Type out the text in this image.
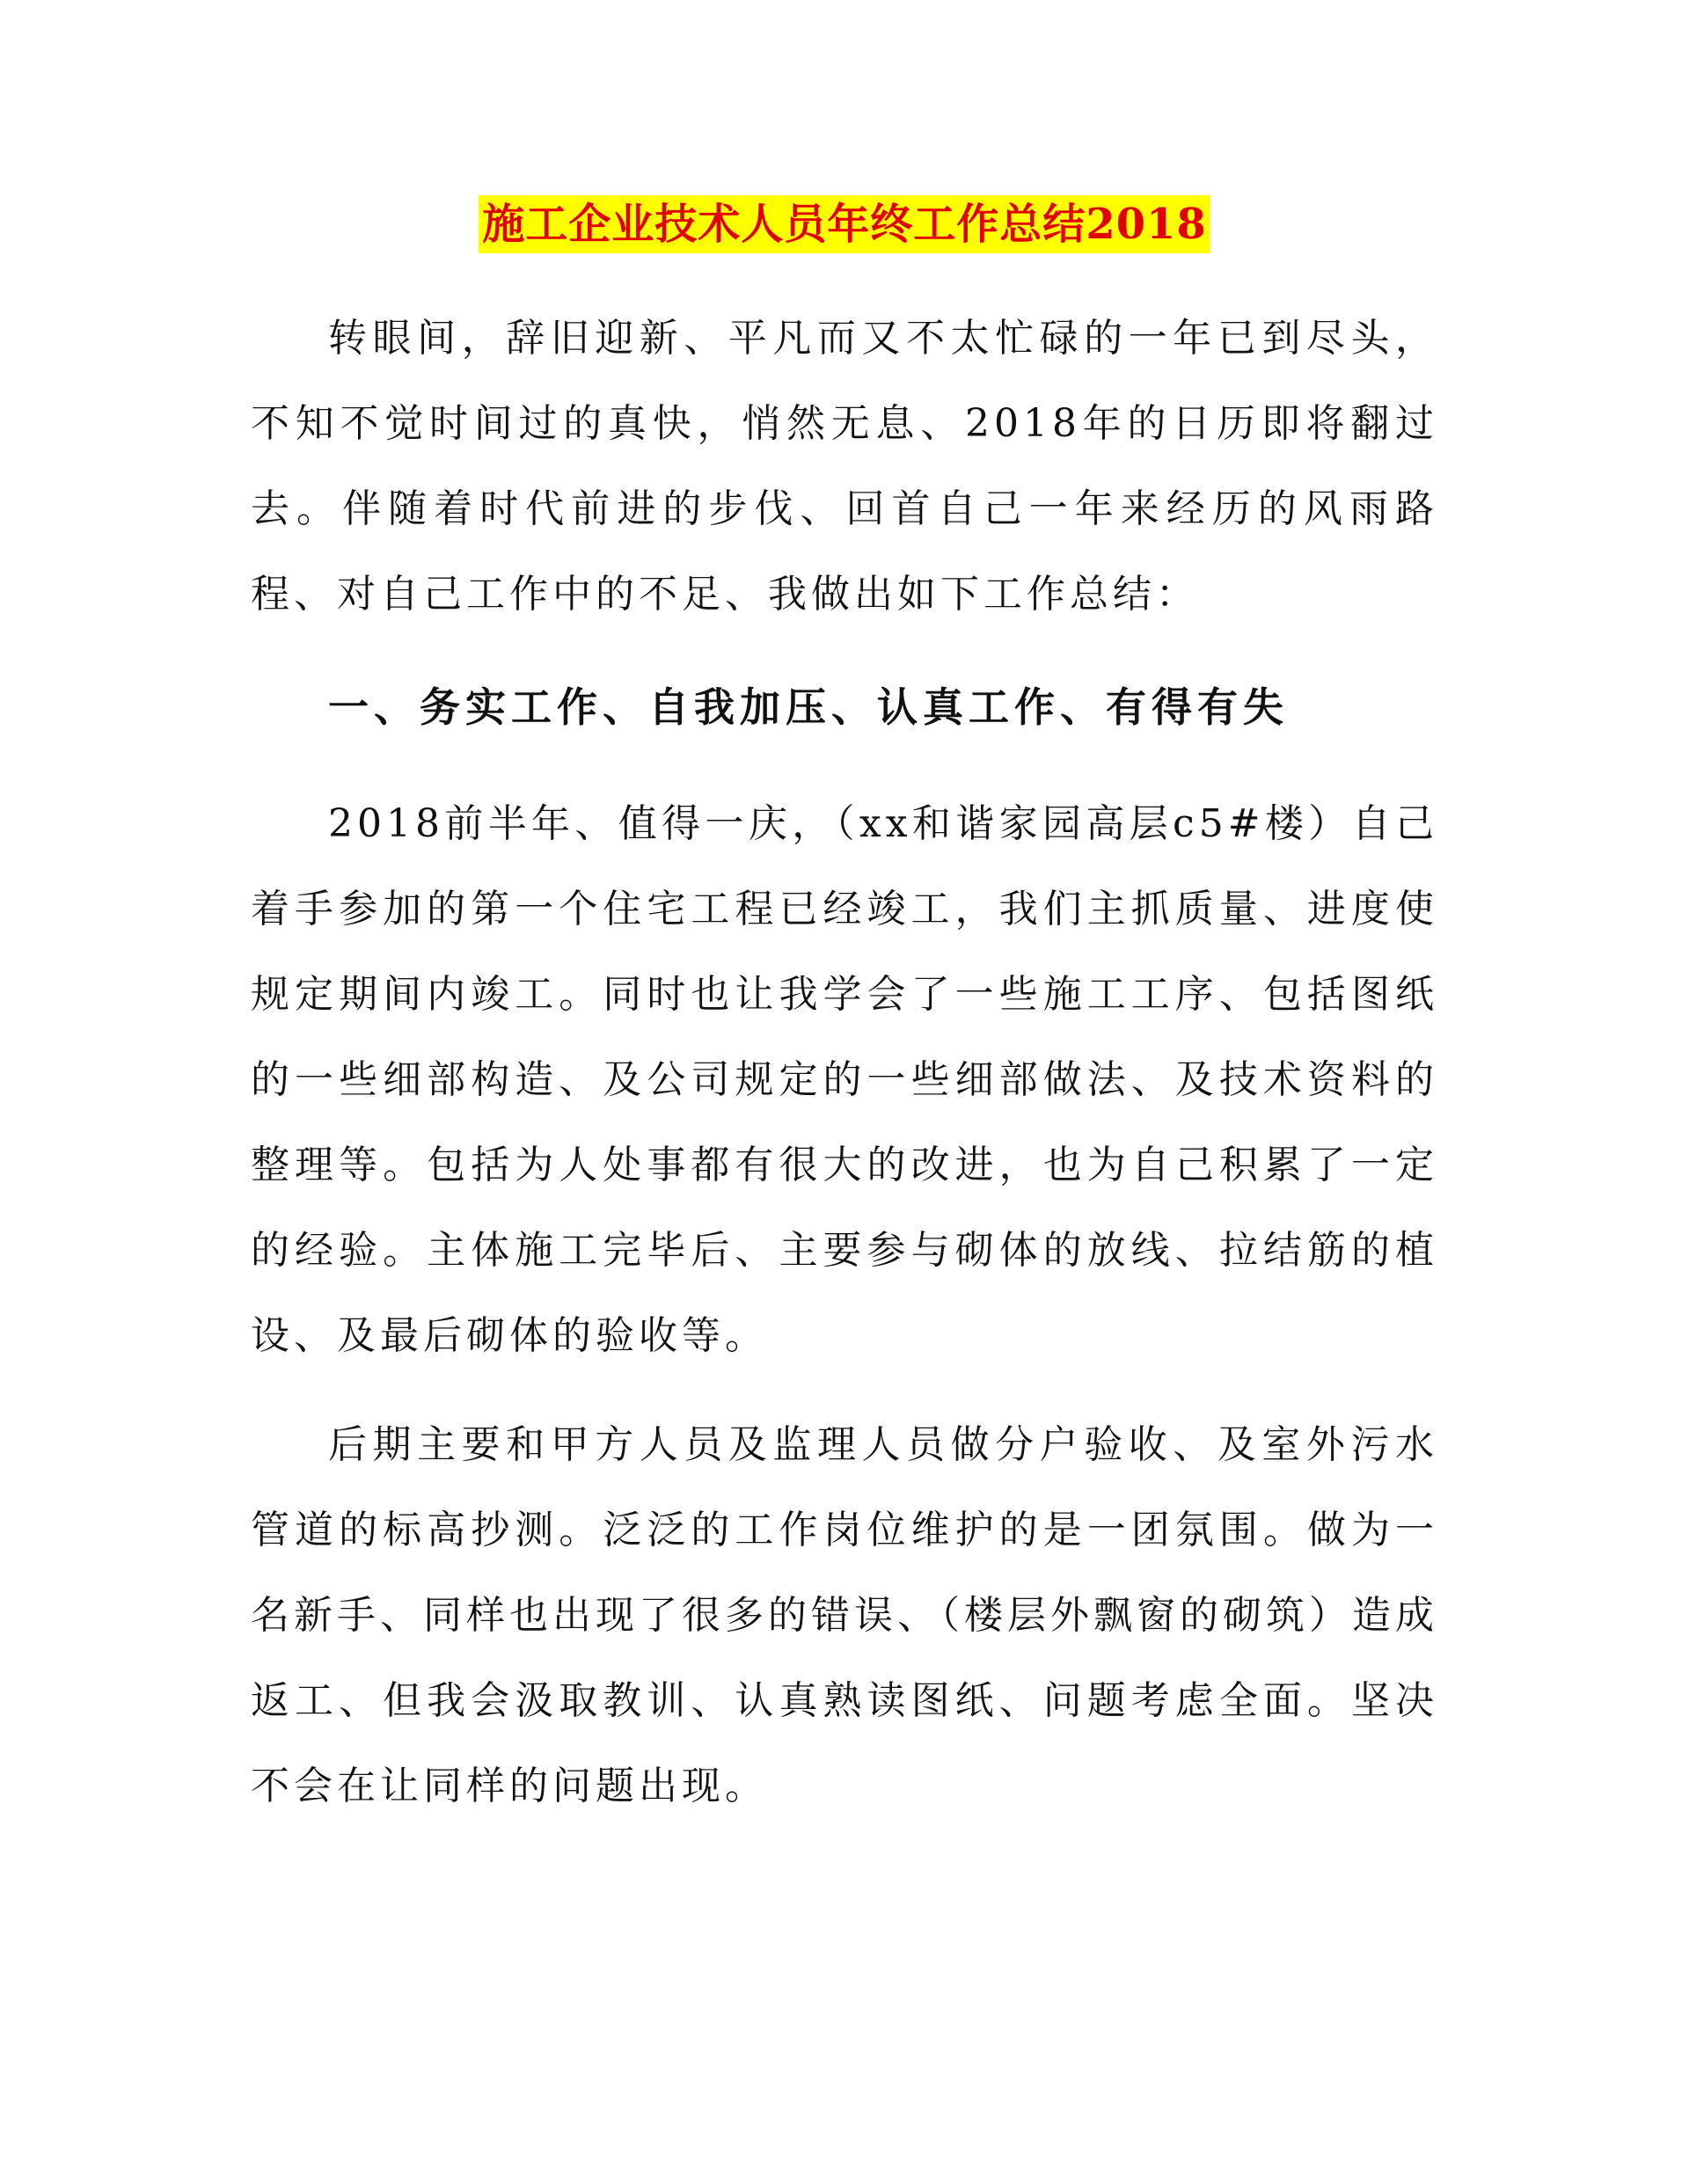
施工企业技术人员年终工作总结2018

转眼间，辞旧迎新、平凡而又不太忙碌的一年已到尽头，不知不觉时间过的真快，悄然无息、2018年的日历即将翻过去。伴随着时代前进的步伐、回首自己一年来经历的风雨路程、对自己工作中的不足、我做出如下工作总结：

一、务实工作、自我加压、认真工作、有得有失

2018前半年、值得一庆，（xx和谐家园高层c5#楼）自己着手参加的第一个住宅工程已经竣工，我们主抓质量、进度使规定期间内竣工。同时也让我学会了一些施工工序、包括图纸的一些细部构造、及公司规定的一些细部做法、及技术资料的整理等。包括为人处事都有很大的改进，也为自己积累了一定的经验。主体施工完毕后、主要参与砌体的放线、拉结筋的植设、及最后砌体的验收等。

后期主要和甲方人员及监理人员做分户验收、及室外污水管道的标高抄测。泛泛的工作岗位维护的是一团氛围。做为一名新手、同样也出现了很多的错误、（楼层外飘窗的砌筑）造成返工、但我会汲取教训、认真熟读图纸、问题考虑全面。坚决不会在让同样的问题出现。
